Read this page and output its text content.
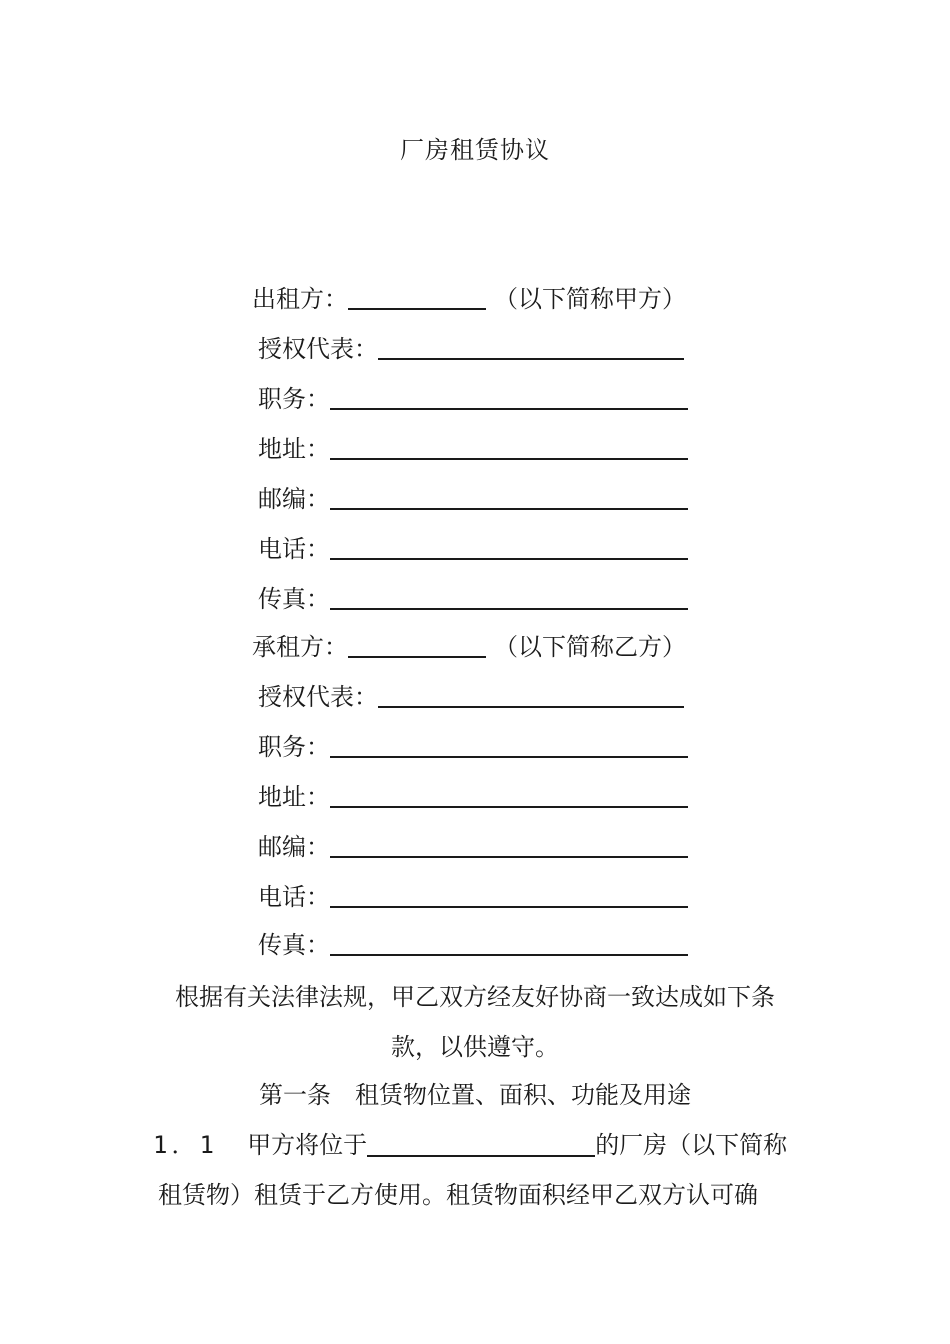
厂房租赁协议
出租方：	（以下简称甲方）
授权代表：
职务：
地址：
邮编：
电话：
传真：
承租方：	（以下简称乙方）
授权代表：
职务：
地址：
邮编：
电话：
传真：
根据有关法律法规，甲乙双方经友好协商一致达成如下条
款，以供遵守。
第一条　租赁物位置、面积、功能及用途
1．1 甲方将位于	的厂房（以下简称
租赁物）租赁于乙方使用。租赁物面积经甲乙双方认可确
